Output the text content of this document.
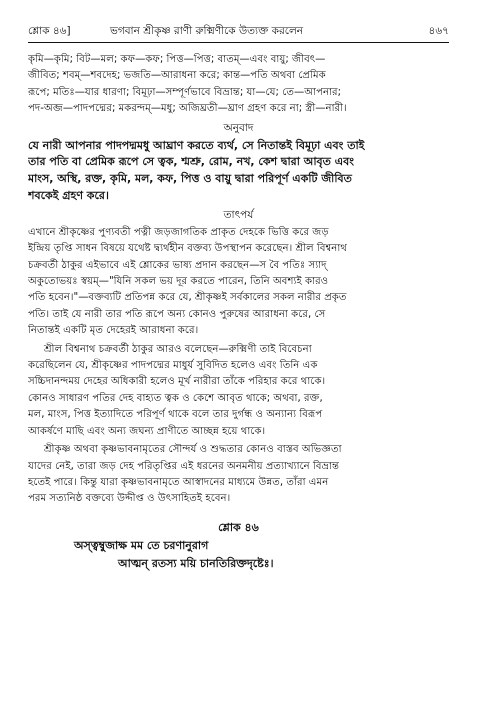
শ্লোক ৪৬]	ভগবান শ্রীকৃষ্ণ রাণী রুক্মিণীকে উত্যক্ত করলেন	৪৬৭
কৃমি—কৃমি; বিট—মল; কফ—কফ; পিত্ত—পিত্ত; বাতম্—এবং বায়ু; জীবৎ—
জীবিত; শবম্—শবদেহ; ভজতি—আরাধনা করে; কান্ত—পতি অথবা প্রেমিক
রূপে; মতিঃ—যার ধারণা; বিমূঢ়া—সম্পূর্ণভাবে বিভ্রান্ত; যা—যে; তে—আপনার;
পদ-অব্জ—পাদপদ্মের; মকরন্দম্—মধু; অজিঘ্রতী—ঘ্রাণ গ্রহণ করে না; স্ত্রী—নারী।
অনুবাদ
যে নারী আপনার পাদপদ্মমধু আঘ্রাণ করতে ব্যর্থ, সে নিতান্তই বিমূঢ়া এবং তাই
তার পতি বা প্রেমিক রূপে সে ত্বক, শ্মশ্রু, রোম, নখ, কেশ দ্বারা আবৃত এবং
মাংস, অস্থি, রক্ত, কৃমি, মল, কফ, পিত্ত ও বায়ু দ্বারা পরিপূর্ণ একটি জীবিত
শবকেই গ্রহণ করে।
তাৎপর্য
এখানে শ্রীকৃষ্ণের পুণ্যবতী পত্নী জড়জাগতিক প্রাকৃত দেহকে ভিত্তি করে জড়
ইন্দ্রিয় তৃপ্তি সাধন বিষয়ে যথেষ্ট দ্ব্যর্থহীন বক্তব্য উপস্থাপন করেছেন। শ্রীল বিশ্বনাথ
চক্রবর্তী ঠাকুর এইভাবে এই শ্লোকের ভাষ্য প্রদান করছেন—স বৈ পতিঃ স্যাদ্
অকুতোভয়ঃ স্বয়ম্—"যিনি সকল ভয় দূর করতে পারেন, তিনি অবশ্যই কারও
পতি হবেন।"—বক্তব্যটি প্রতিপন্ন করে যে, শ্রীকৃষ্ণই সর্বকালের সকল নারীর প্রকৃত
পতি। তাই যে নারী তার পতি রূপে অন্য কোনও পুরুষের আরাধনা করে, সে
নিতান্তই একটি মৃত দেহেরই আরাধনা করে।
শ্রীল বিশ্বনাথ চক্রবর্তী ঠাকুর আরও বলেছেন—রুক্মিণী তাই বিবেচনা
করেছিলেন যে, শ্রীকৃষ্ণের পাদপদ্মের মাধুর্য সুবিদিত হলেও এবং তিনি এক
সচ্চিদানন্দময় দেহের অধিকারী হলেও মূর্খ নারীরা তাঁকে পরিহার করে থাকে।
কোনও সাধারণ পতির দেহ বাহ্যত ত্বক ও কেশে আবৃত থাকে; অথবা, রক্ত,
মল, মাংস, পিত্ত ইত্যাদিতে পরিপূর্ণ থাকে বলে তার দুর্গন্ধ ও অন্যান্য বিরূপ
আকর্ষণে মাছি এবং অন্য জঘন্য প্রাণীতে আচ্ছন্ন হয়ে থাকে।
শ্রীকৃষ্ণ অথবা কৃষ্ণভাবনামৃতের সৌন্দর্য ও শুদ্ধতার কোনও বাস্তব অভিজ্ঞতা
যাদের নেই, তারা জড় দেহ পরিতৃপ্তির এই ধরনের অনমনীয় প্রত্যাখ্যানে বিভ্রান্ত
হতেই পারে। কিন্তু যারা কৃষ্ণভাবনামৃতে আস্বাদনের মাধ্যমে উন্নত, তাঁরা এমন
পরম সত্যনিষ্ঠ বক্তব্যে উদ্দীপ্ত ও উৎসাহিতই হবেন।
শ্লোক ৪৬
অস্ত্বম্বুজাক্ষ মম তে চরণানুরাগ
আত্মন্ রতস্য ময়ি চানতিরিক্তদৃষ্টেঃ।
